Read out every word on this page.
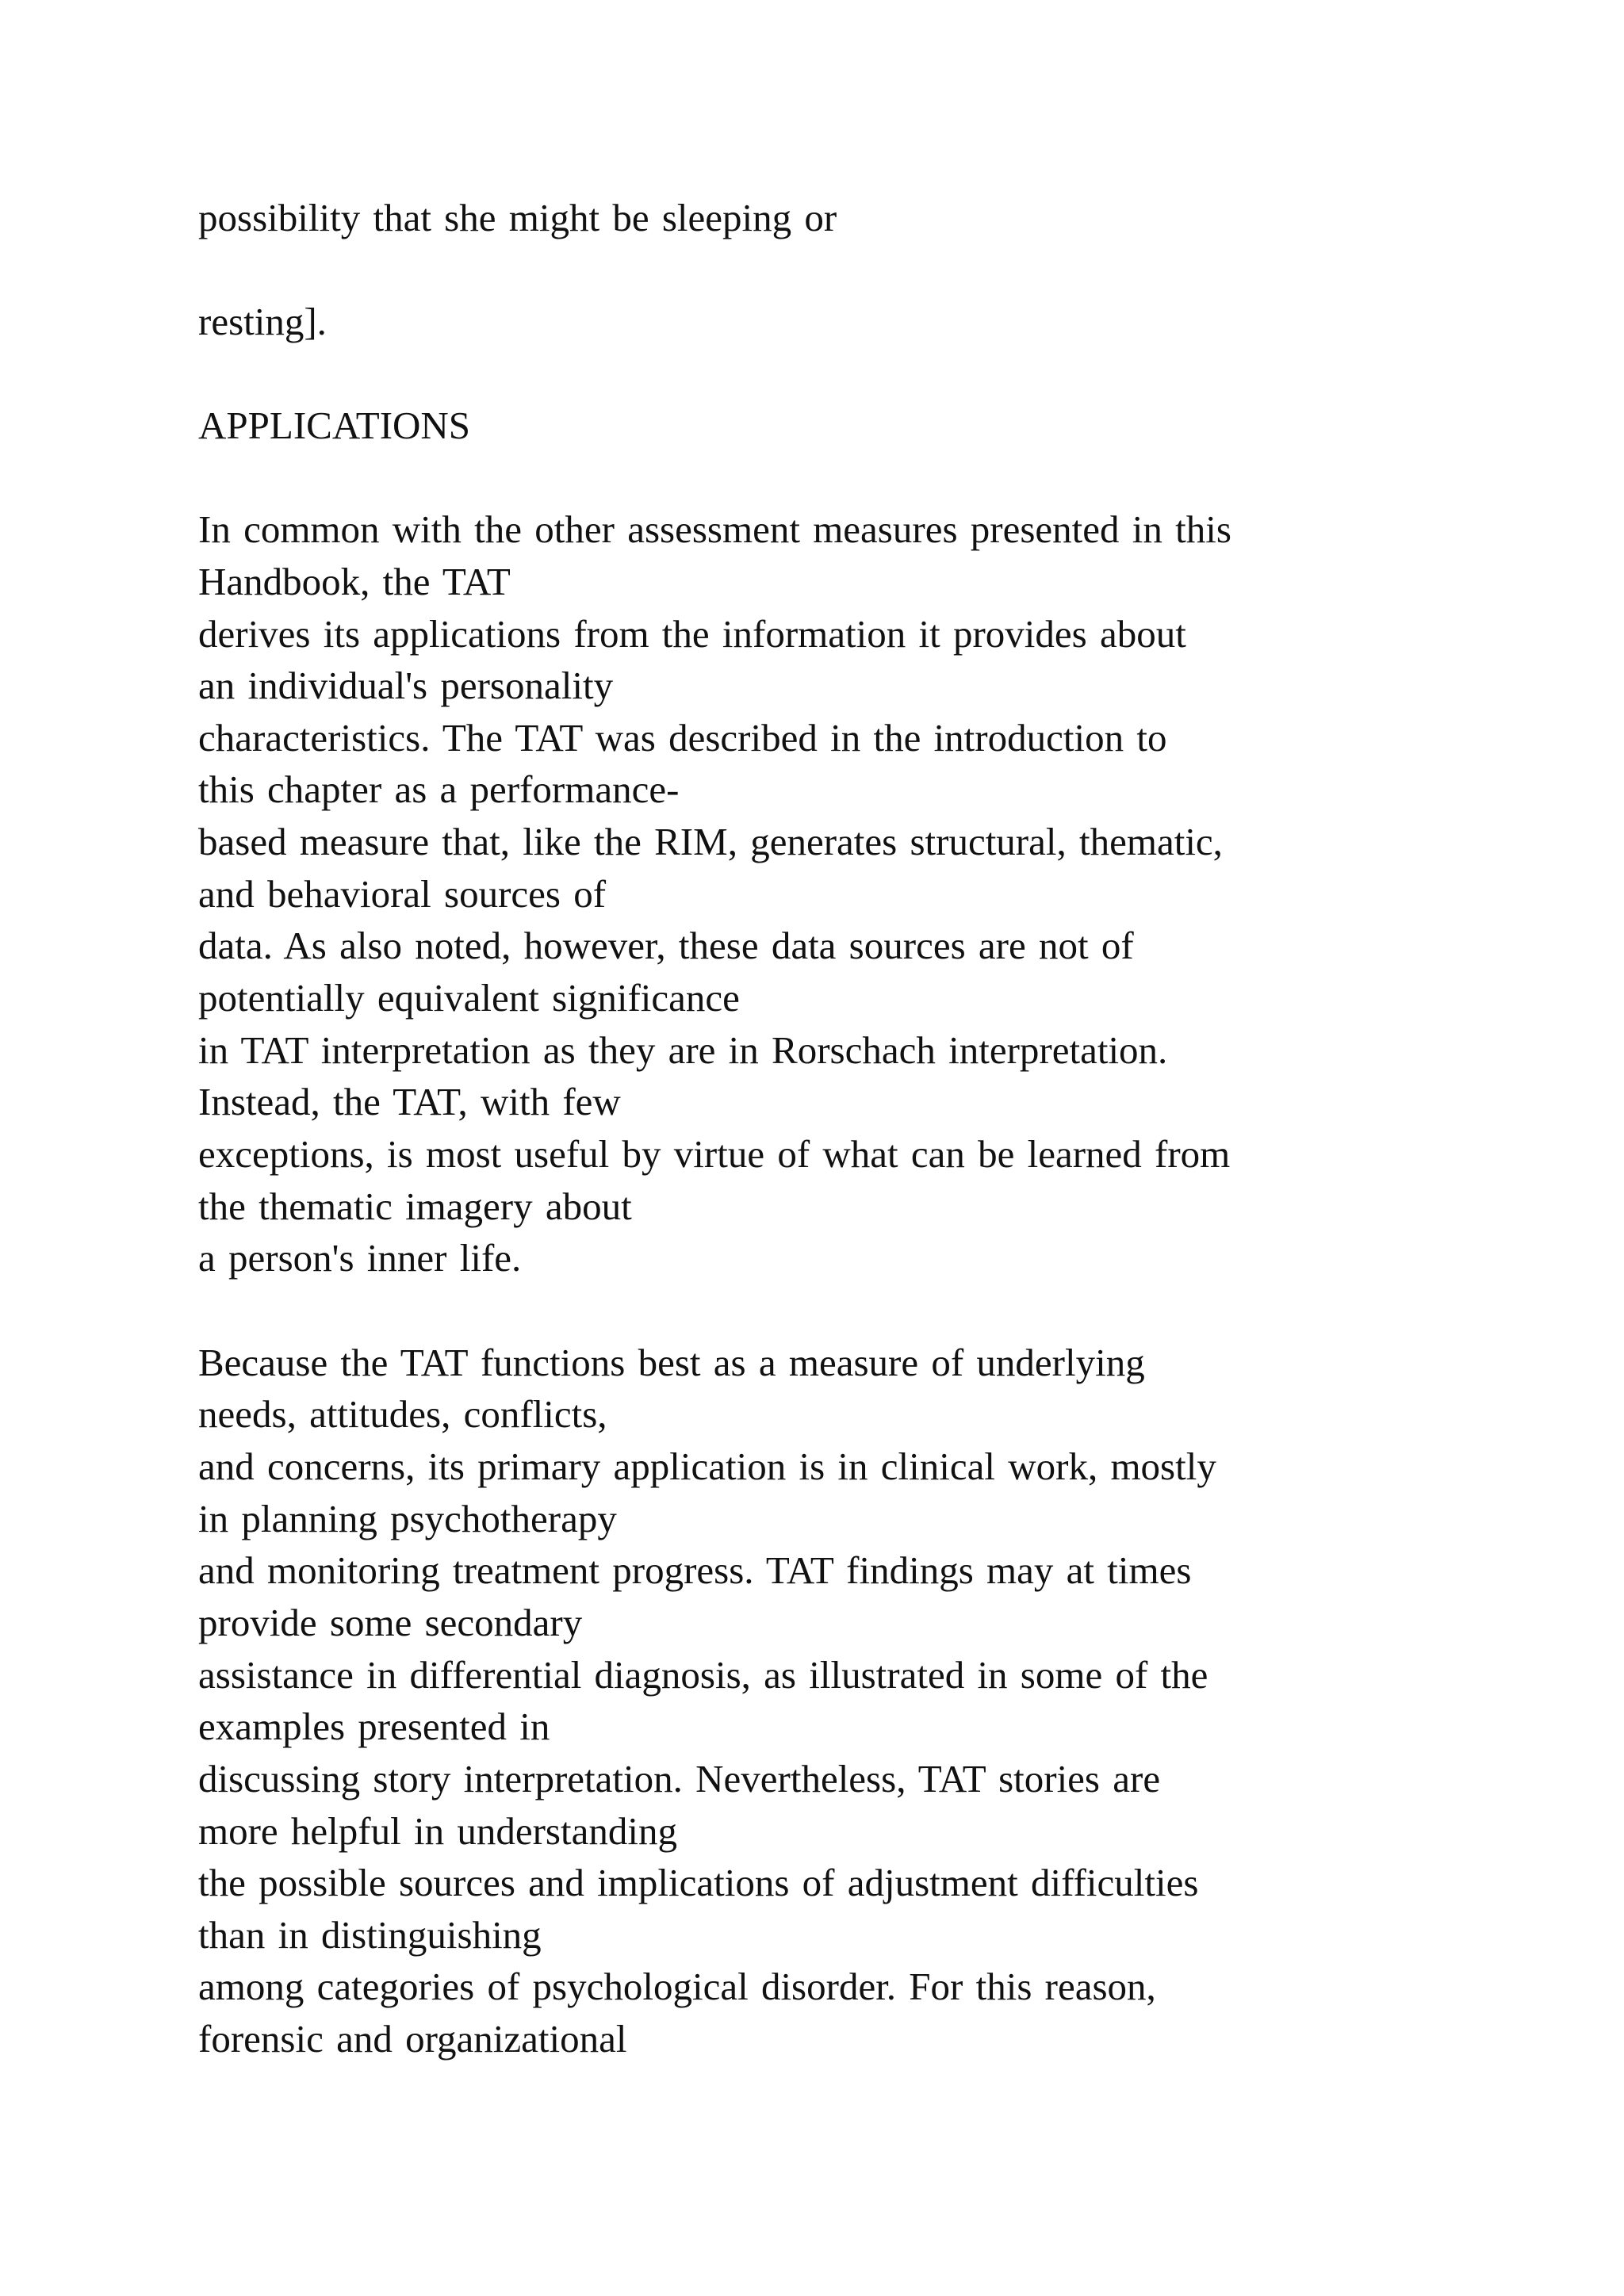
possibility that she might be sleeping or

resting].

APPLICATIONS

In common with the other assessment measures presented in this

Handbook, the TAT

derives its applications from the information it provides about

an individual's personality

characteristics. The TAT was described in the introduction to

this chapter as a performance-

based measure that, like the RIM, generates structural, thematic,

and behavioral sources of

data. As also noted, however, these data sources are not of

potentially equivalent significance

in TAT interpretation as they are in Rorschach interpretation.

Instead, the TAT, with few

exceptions, is most useful by virtue of what can be learned from

the thematic imagery about

a person's inner life.

Because the TAT functions best as a measure of underlying

needs, attitudes, conflicts,

and concerns, its primary application is in clinical work, mostly

in planning psychotherapy

and monitoring treatment progress. TAT findings may at times

provide some secondary

assistance in differential diagnosis, as illustrated in some of the

examples presented in

discussing story interpretation. Nevertheless, TAT stories are

more helpful in understanding

the possible sources and implications of adjustment difficulties

than in distinguishing

among categories of psychological disorder. For this reason,

forensic and organizational
